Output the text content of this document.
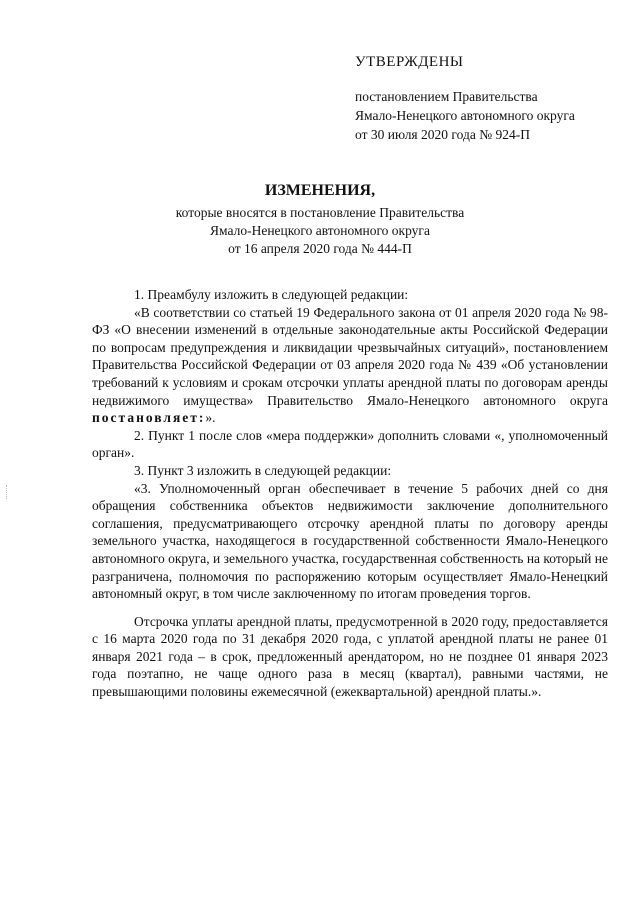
УТВЕРЖДЕНЫ
постановлением Правительства
Ямало-Ненецкого автономного округа
от 30 июля 2020 года № 924-П
ИЗМЕНЕНИЯ,
которые вносятся в постановление Правительства
Ямало-Ненецкого автономного округа
от 16 апреля 2020 года № 444-П

1. Преамбулу изложить в следующей редакции:

«В соответствии со статьей 19 Федерального закона от 01 апреля 2020 года № 98-ФЗ «О внесении изменений в отдельные законодательные акты Российской Федерации по вопросам предупреждения и ликвидации чрезвычайных ситуаций», постановлением Правительства Российской Федерации от 03 апреля 2020 года № 439 «Об установлении требований к условиям и срокам отсрочки уплаты арендной платы по договорам аренды недвижимого имущества» Правительство Ямало-Ненецкого автономного округа постановляет:».

2. Пункт 1 после слов «мера поддержки» дополнить словами «, уполномоченный орган».

3. Пункт 3 изложить в следующей редакции:

«3. Уполномоченный орган обеспечивает в течение 5 рабочих дней со дня обращения собственника объектов недвижимости заключение дополнительного соглашения, предусматривающего отсрочку арендной платы по договору аренды земельного участка, находящегося в государственной собственности Ямало-Ненецкого автономного округа, и земельного участка, государственная собственность на который не разграничена, полномочия по распоряжению которым осуществляет Ямало-Ненецкий автономный округ, в том числе заключенному по итогам проведения торгов.

Отсрочка уплаты арендной платы, предусмотренной в 2020 году, предоставляется с 16 марта 2020 года по 31 декабря 2020 года, с уплатой арендной платы не ранее 01 января 2021 года – в срок, предложенный арендатором, но не позднее 01 января 2023 года поэтапно, не чаще одного раза в месяц (квартал), равными частями, не превышающими половины ежемесячной (ежеквартальной) арендной платы.».
